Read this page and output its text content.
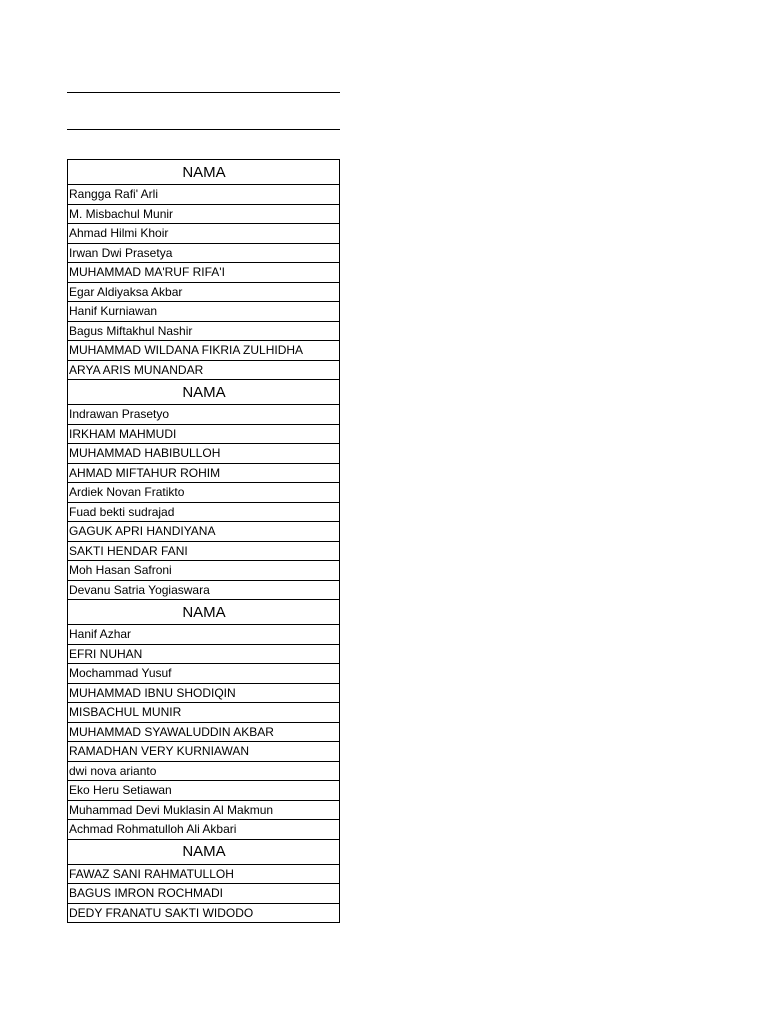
NAMA
Rangga Rafi' Arli
M. Misbachul Munir
Ahmad Hilmi Khoir
Irwan Dwi Prasetya
MUHAMMAD MA'RUF RIFA'I
Egar Aldiyaksa Akbar
Hanif Kurniawan
Bagus Miftakhul Nashir
MUHAMMAD WILDANA FIKRIA ZULHIDHA
ARYA ARIS MUNANDAR
NAMA
Indrawan Prasetyo
IRKHAM MAHMUDI
MUHAMMAD HABIBULLOH
AHMAD MIFTAHUR ROHIM
Ardiek Novan Fratikto
Fuad bekti sudrajad
GAGUK APRI HANDIYANA
SAKTI HENDAR FANI
Moh Hasan Safroni
Devanu Satria Yogiaswara
NAMA
Hanif Azhar
EFRI NUHAN
Mochammad Yusuf
MUHAMMAD IBNU SHODIQIN
MISBACHUL MUNIR
MUHAMMAD SYAWALUDDIN AKBAR
RAMADHAN VERY KURNIAWAN
dwi nova arianto
Eko Heru Setiawan
Muhammad Devi Muklasin Al Makmun
Achmad Rohmatulloh Ali Akbari
NAMA
FAWAZ SANI RAHMATULLOH
BAGUS IMRON ROCHMADI
DEDY FRANATU SAKTI WIDODO
